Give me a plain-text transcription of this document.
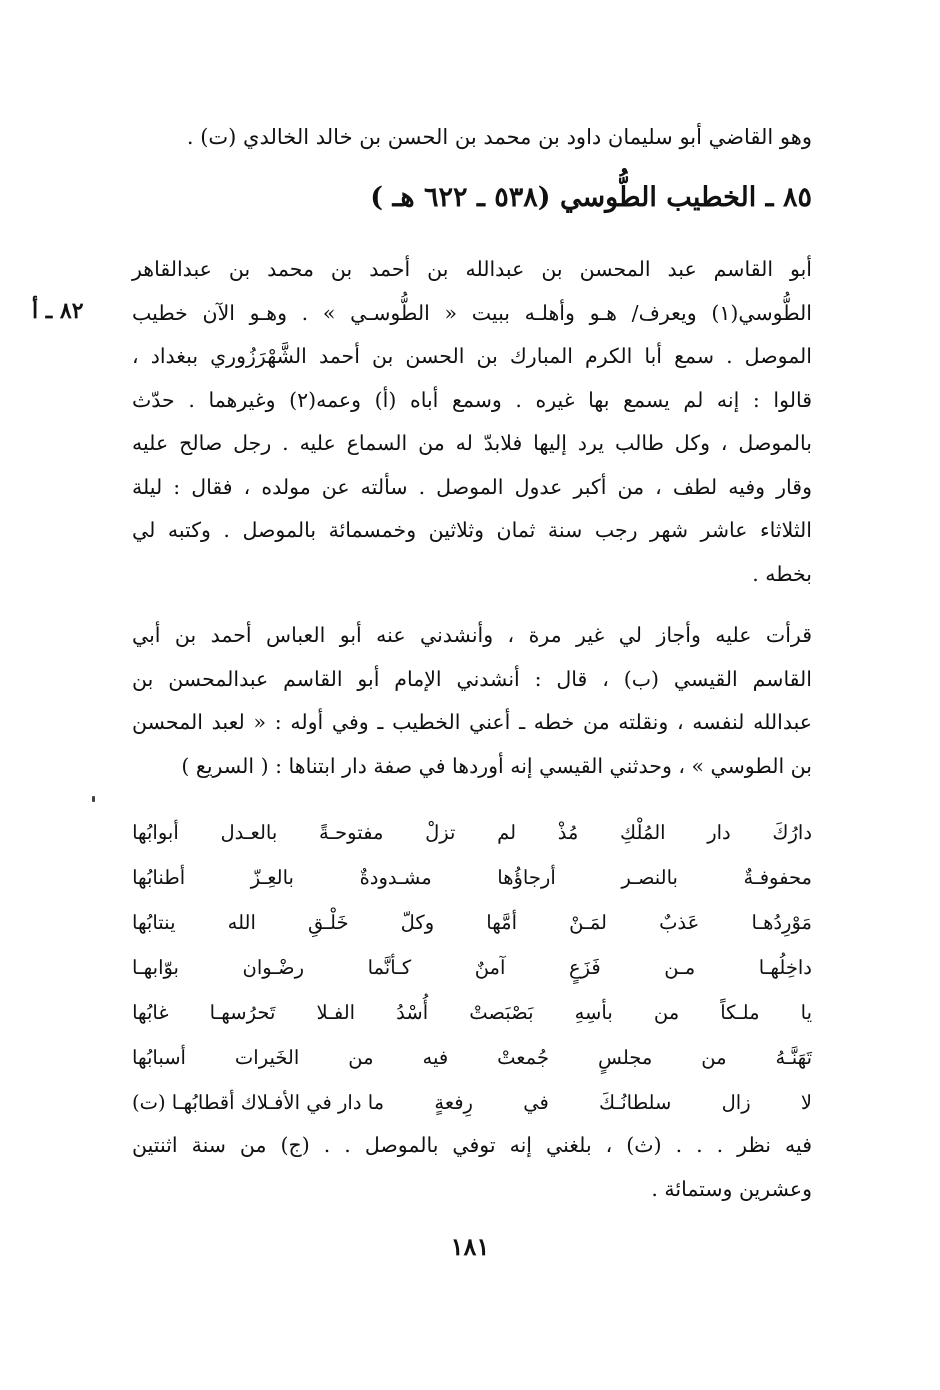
وهو القاضي أبو سليمان داود بن محمد بن الحسن بن خالد الخالدي (ت) .
٨٥ ـ الخطيب الطُّوسي (٥٣٨ ـ ٦٢٢ هـ )
٨٢ ـ أ
أبو القاسم عبد المحسن بن عبدالله بن أحمد بن محمد بن عبدالقاهر
الطُّوسي(١) ويعرف/ هـو وأهلـه ببيت « الطُّوسـي » . وهـو الآن خطيب
الموصل . سمع أبا الكرم المبارك بن الحسن بن أحمد الشَّهْرَزُوري ببغداد ،
قالوا : إنه لم يسمع بها غيره . وسمع أباه (أ) وعمه(٢) وغيرهما . حدّث
بالموصل ، وكل طالب يرد إليها فلابدّ له من السماع عليه . رجل صالح عليه
وقار وفيه لطف ، من أكبر عدول الموصل . سألته عن مولده ، فقال : ليلة
الثلاثاء عاشر شهر رجب سنة ثمان وثلاثين وخمسمائة بالموصل . وكتبه لي
بخطه .
قرأت عليه وأجاز لي غير مرة ، وأنشدني عنه أبو العباس أحمد بن أبي
القاسم القيسي (ب) ، قال : أنشدني الإمام أبو القاسم عبدالمحسن بن
عبدالله لنفسه ، ونقلته من خطه ـ أعني الخطيب ـ وفي أوله : « لعبد المحسن
بن الطوسي » ، وحدثني القيسي إنه أوردها في صفة دار ابتناها : ( السريع )
دارُكَ
دار
المُلْكِ
مُذْ
لم
تزلْ
مفتوحـةً
بالعـدل
أبوابُها
محفوفـةٌ
بالنصـر
أرجاؤُها
مشـدودةٌ
بالعِـزّ
أطنابُها
مَوْرِدُهـا
عَذبٌ
لمَـنْ
أمَّها
وكلّ
خَلْـقِ
الله
ينتابُها
داخِلُهـا
مـن
فَزَعٍ
آمنٌ
كـأنَّما
رضْـوان
بوّابهـا
يا
ملـكاً
من
بأسِهِ
بَصْبَصتْ
أُسْدُ
الفـلا
تَحرُسهـا
غابُها
تَهَنَّـهُ
من
مجلسٍ
جُمعتْ
فيه
من
الخَيرات
أسبابُها
لا
زال
سلطانُـكَ
في
رِفعةٍ
ما دار في الأفـلاك أقطابُهـا (ت)
فيه نظر . . . (ث) ، بلغني إنه توفي بالموصل . . (ج) من سنة اثنتين
وعشرين وستمائة .
١٨١
